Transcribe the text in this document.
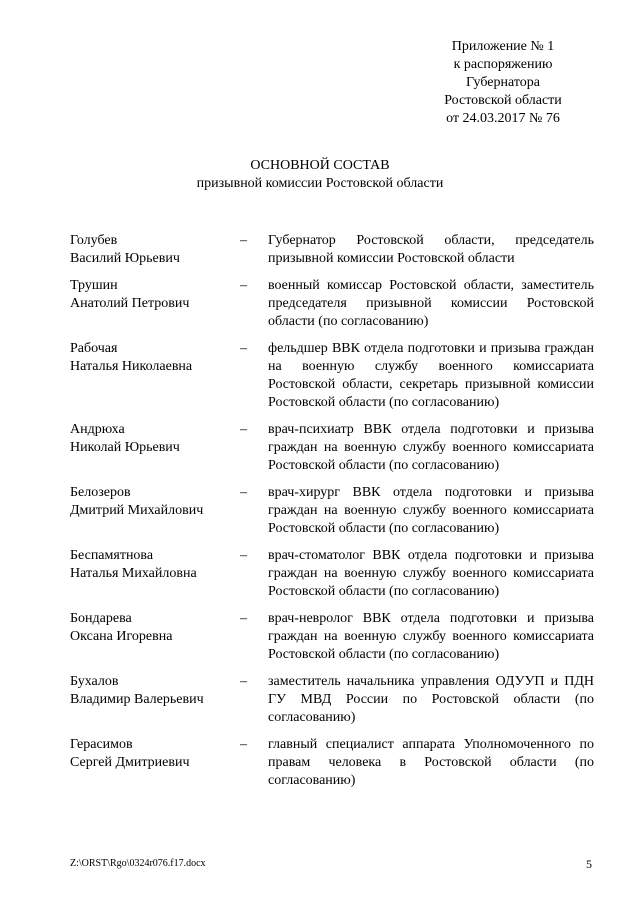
Приложение № 1
к распоряжению
Губернатора
Ростовской области
от 24.03.2017 № 76
ОСНОВНОЙ СОСТАВ
призывной комиссии Ростовской области
Голубев
Василий Юрьевич
–	Губернатор Ростовской области, председатель призывной комиссии Ростовской области
Трушин
Анатолий Петрович
–	военный комиссар Ростовской области, заместитель председателя призывной комиссии Ростовской области (по согласованию)
Рабочая
Наталья Николаевна
–	фельдшер ВВК отдела подготовки и призыва граждан на военную службу военного комиссариата Ростовской области, секретарь призывной комиссии Ростовской области (по согласованию)
Андрюха
Николай Юрьевич
–	врач-психиатр ВВК отдела подготовки и призыва граждан на военную службу военного комиссариата Ростовской области (по согласованию)
Белозеров
Дмитрий Михайлович
–	врач-хирург ВВК отдела подготовки и призыва граждан на военную службу военного комиссариата Ростовской области (по согласованию)
Беспамятнова
Наталья Михайловна
–	врач-стоматолог ВВК отдела подготовки и призыва граждан на военную службу военного комиссариата Ростовской области (по согласованию)
Бондарева
Оксана Игоревна
–	врач-невролог ВВК отдела подготовки и призыва граждан на военную службу военного комиссариата Ростовской области (по согласованию)
Бухалов
Владимир Валерьевич
–	заместитель начальника управления ОДУУП и ПДН ГУ МВД России по Ростовской области (по согласованию)
Герасимов
Сергей Дмитриевич
–	главный специалист аппарата Уполномоченного по правам человека в Ростовской области (по согласованию)
Z:\ORST\Rgo\0324r076.f17.docx	5
